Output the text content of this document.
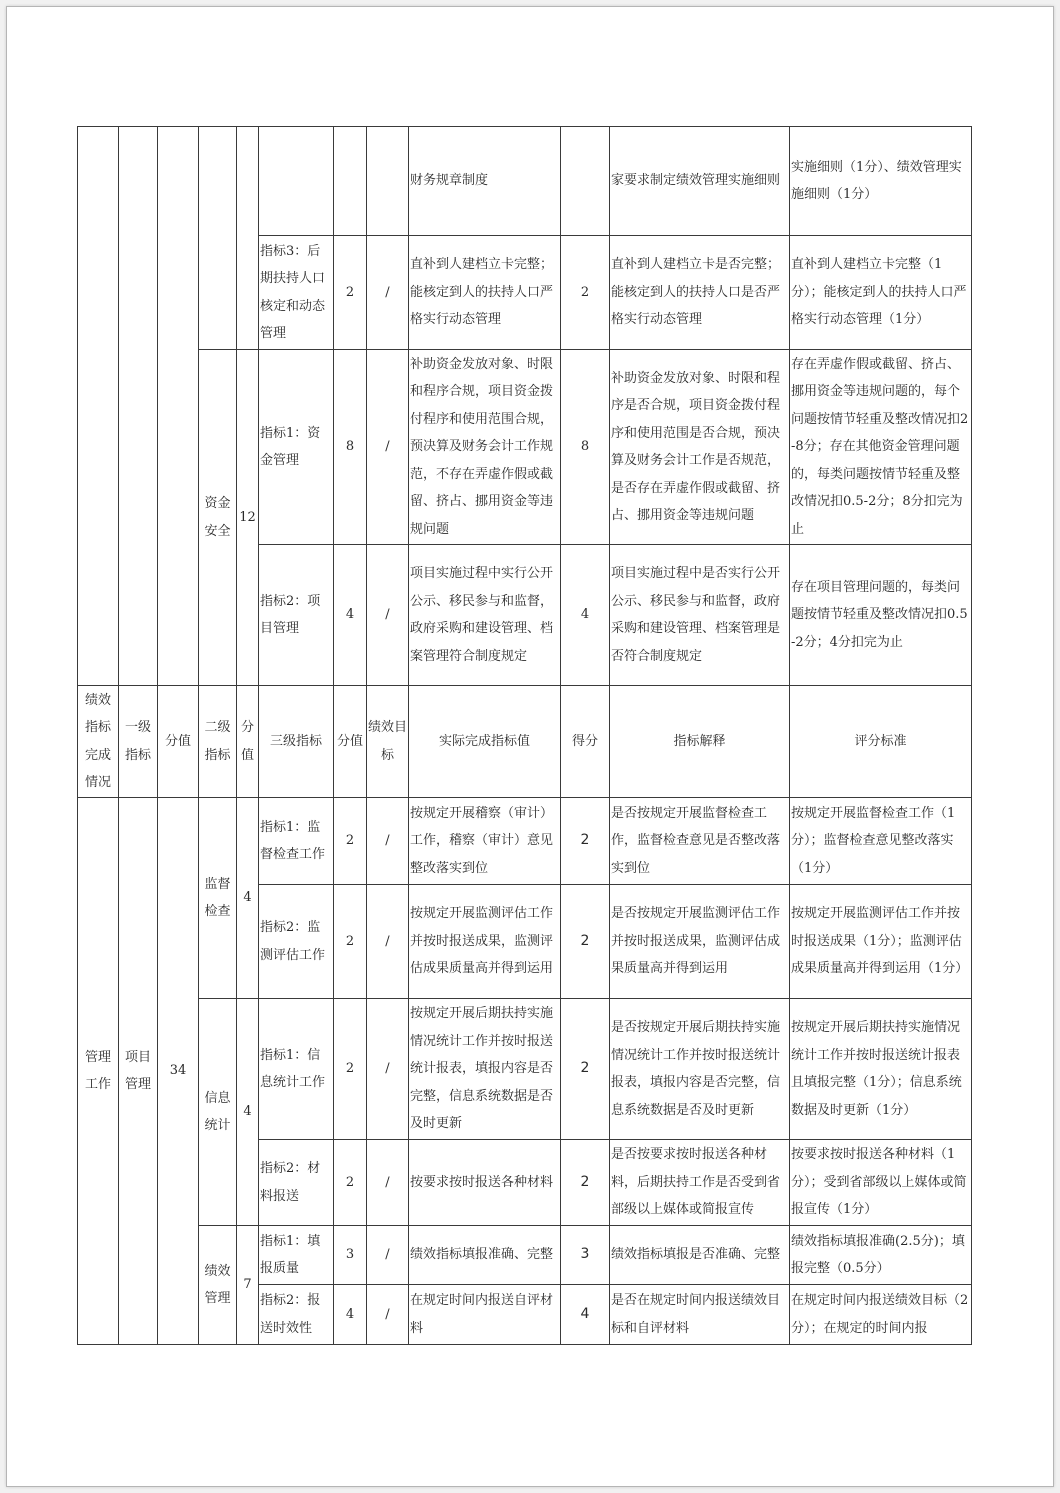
								财务规章制度		家要求制定绩效管理实施细则	实施细则（1分）、绩效管理实施细则（1分）
					指标3：后期扶持人口核定和动态管理	2	/	直补到人建档立卡完整；能核定到人的扶持人口严格实行动态管理	2	直补到人建档立卡是否完整；能核定到人的扶持人口是否严格实行动态管理	直补到人建档立卡完整（1分）；能核定到人的扶持人口严格实行动态管理（1分）
			资金安全	12	指标1：资金管理	8	/	补助资金发放对象、时限和程序合规，项目资金拨付程序和使用范围合规，预决算及财务会计工作规范，不存在弄虚作假或截留、挤占、挪用资金等违规问题	8	补助资金发放对象、时限和程序是否合规，项目资金拨付程序和使用范围是否合规，预决算及财务会计工作是否规范，是否存在弄虚作假或截留、挤占、挪用资金等违规问题	存在弄虚作假或截留、挤占、挪用资金等违规问题的，每个问题按情节轻重及整改情况扣2-8分；存在其他资金管理问题的，每类问题按情节轻重及整改情况扣0.5-2分；8分扣完为止
					指标2：项目管理	4	/	项目实施过程中实行公开公示、移民参与和监督，政府采购和建设管理、档案管理符合制度规定	4	项目实施过程中是否实行公开公示、移民参与和监督，政府采购和建设管理、档案管理是否符合制度规定	存在项目管理问题的，每类问题按情节轻重及整改情况扣0.5-2分；4分扣完为止
绩效指标完成情况	一级指标	分值	二级指标	分值	三级指标	分值	绩效目标	实际完成指标值	得分	指标解释	评分标准
管理工作	项目管理	34	监督检查	4	指标1：监督检查工作	2	/	按规定开展稽察（审计）工作，稽察（审计）意见整改落实到位	2	是否按规定开展监督检查工作，监督检查意见是否整改落实到位	按规定开展监督检查工作（1分）；监督检查意见整改落实（1分）
					指标2：监测评估工作	2	/	按规定开展监测评估工作并按时报送成果，监测评估成果质量高并得到运用	2	是否按规定开展监测评估工作并按时报送成果，监测评估成果质量高并得到运用	按规定开展监测评估工作并按时报送成果（1分）；监测评估成果质量高并得到运用（1分）
			信息统计	4	指标1：信息统计工作	2	/	按规定开展后期扶持实施情况统计工作并按时报送统计报表，填报内容是否完整，信息系统数据是否及时更新	2	是否按规定开展后期扶持实施情况统计工作并按时报送统计报表，填报内容是否完整，信息系统数据是否及时更新	按规定开展后期扶持实施情况统计工作并按时报送统计报表且填报完整（1分）；信息系统数据及时更新（1分）
					指标2：材料报送	2	/	按要求按时报送各种材料	2	是否按要求按时报送各种材料，后期扶持工作是否受到省部级以上媒体或简报宣传	按要求按时报送各种材料（1分）；受到省部级以上媒体或简报宣传（1分）
			绩效管理	7	指标1：填报质量	3	/	绩效指标填报准确、完整	3	绩效指标填报是否准确、完整	绩效指标填报准确(2.5分)；填报完整（0.5分）
					指标2：报送时效性	4	/	在规定时间内报送自评材料	4	是否在规定时间内报送绩效目标和自评材料	在规定时间内报送绩效目标（2分）；在规定的时间内报
